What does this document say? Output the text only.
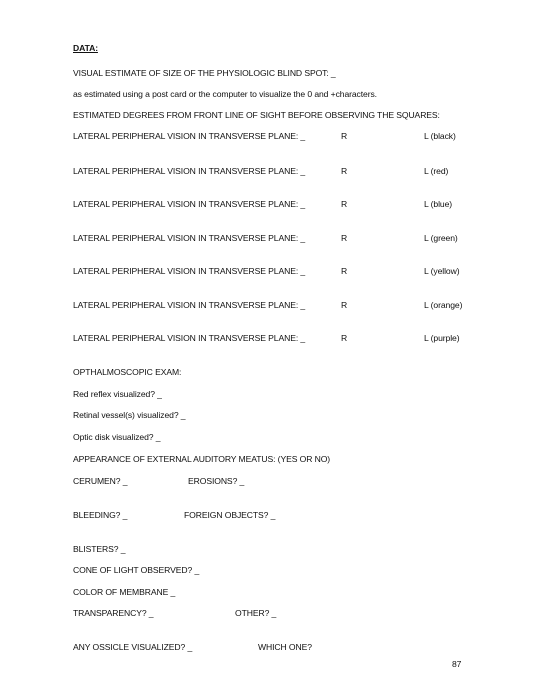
DATA:
VISUAL ESTIMATE OF SIZE OF THE PHYSIOLOGIC BLIND SPOT: _
as estimated using a post card or the computer to visualize the 0 and +characters.
ESTIMATED DEGREES FROM FRONT LINE OF SIGHT BEFORE OBSERVING THE SQUARES:
LATERAL PERIPHERAL VISION IN TRANSVERSE PLANE: _	R	L (black)
LATERAL PERIPHERAL VISION IN TRANSVERSE PLANE: _	R	L (red)
LATERAL PERIPHERAL VISION IN TRANSVERSE PLANE: _	R	L (blue)
LATERAL PERIPHERAL VISION IN TRANSVERSE PLANE: _	R	L (green)
LATERAL PERIPHERAL VISION IN TRANSVERSE PLANE: _	R	L (yellow)
LATERAL PERIPHERAL VISION IN TRANSVERSE PLANE: _	R	L (orange)
LATERAL PERIPHERAL VISION IN TRANSVERSE PLANE: _	R	L (purple)
OPTHALMOSCOPIC EXAM:
Red reflex visualized? _
Retinal vessel(s) visualized? _
Optic disk visualized? _
APPEARANCE OF EXTERNAL AUDITORY MEATUS: (YES OR NO)
CERUMEN? _	EROSIONS? _
BLEEDING? _	FOREIGN OBJECTS? _
BLISTERS? _
CONE OF LIGHT OBSERVED? _
COLOR OF MEMBRANE _
TRANSPARENCY? _	OTHER? _
ANY OSSICLE VISUALIZED? _	WHICH ONE?
87
